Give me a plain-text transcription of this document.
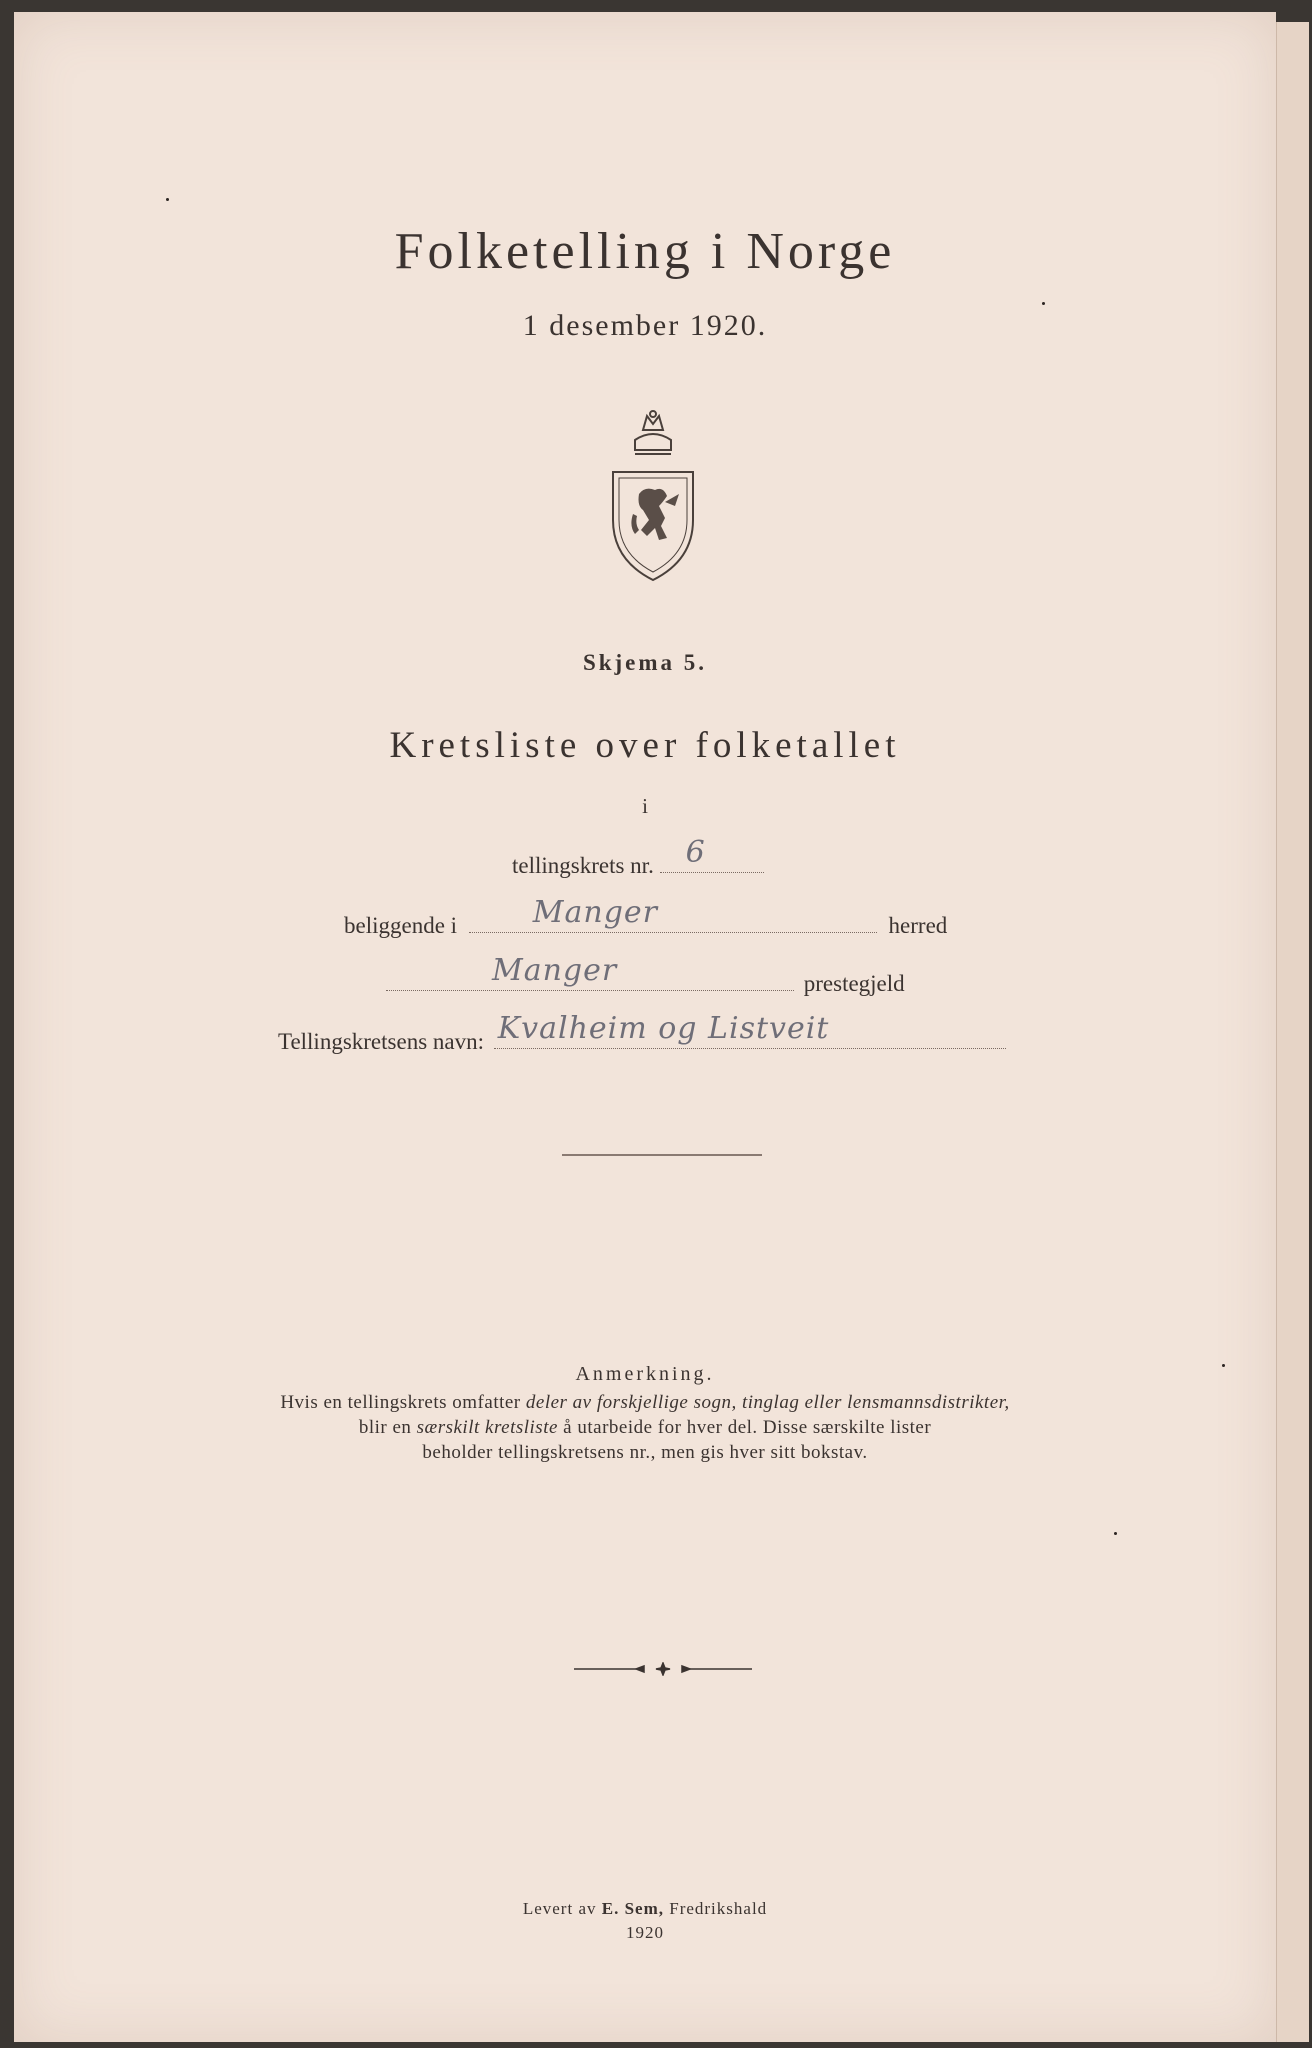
Folketelling i Norge
1 desember 1920.
Skjema 5.
Kretsliste over folketallet
i
tellingskrets nr. 6
beliggende i	Manger	herred
Manger	prestegjeld
Tellingskretsens navn: Kvalheim og Listveit
Anmerkning.
Hvis en tellingskrets omfatter deler av forskjellige sogn, tinglag eller lensmannsdistrikter,
blir en særskilt kretsliste å utarbeide for hver del. Disse særskilte lister
beholder tellingskretsens nr., men gis hver sitt bokstav.
Levert av E. Sem, Fredrikshald
1920
